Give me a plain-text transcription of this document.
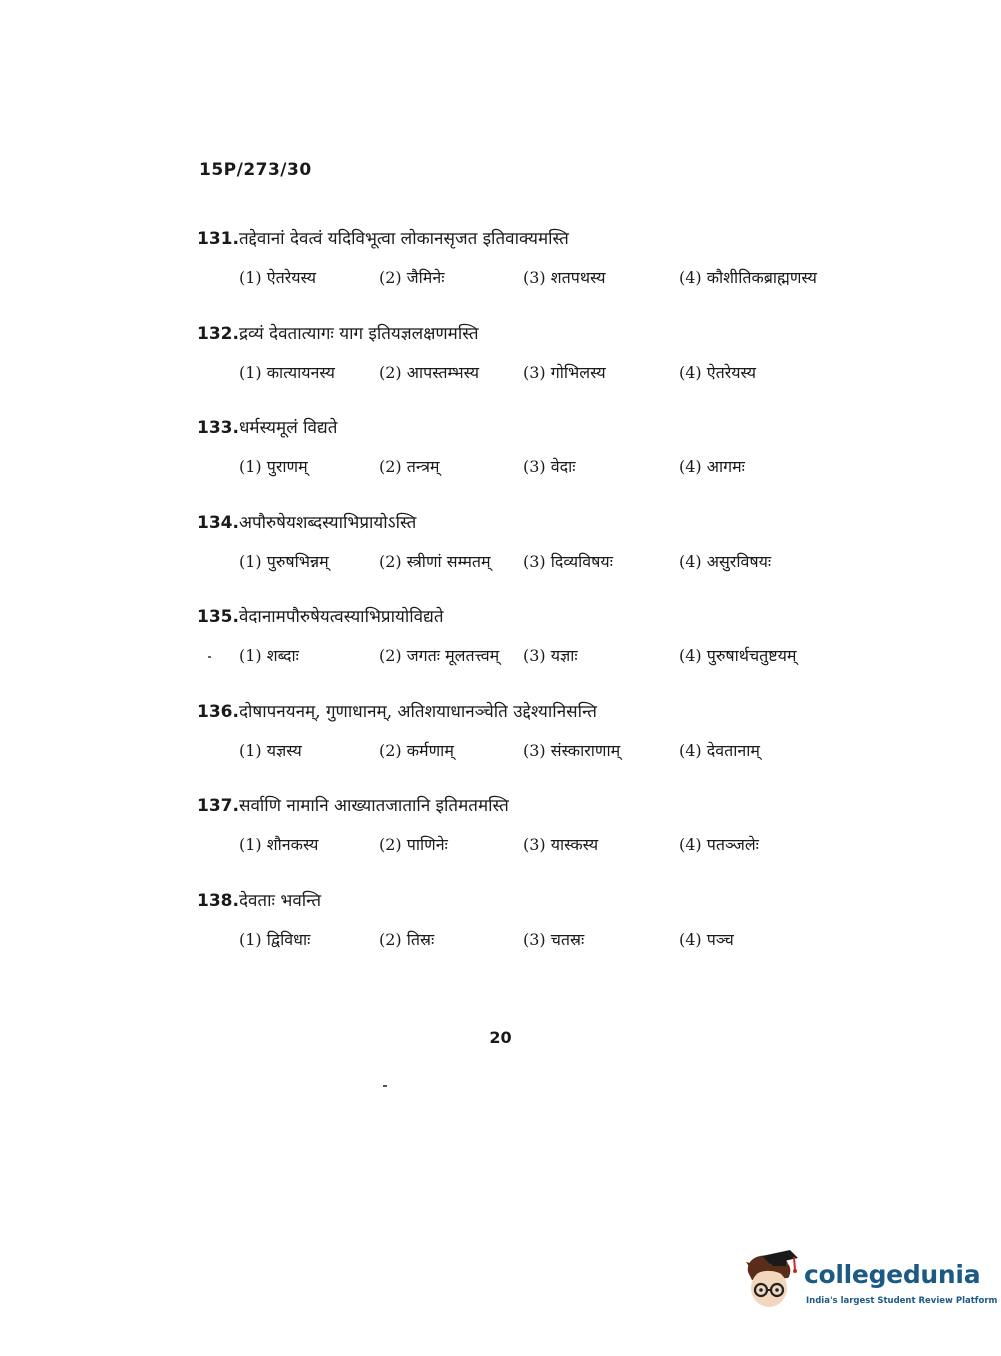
15P/273/30
131.तद्देवानां देवत्वं यदिविभूत्वा लोकानसृजत इतिवाक्यमस्ति
(1) ऐतरेयस्य	(2) जैमिनेः	(3) शतपथस्य	(4) कौशीतिकब्राह्मणस्य
132.द्रव्यं देवतात्यागः याग इतियज्ञलक्षणमस्ति
(1) कात्यायनस्य	(2) आपस्तम्भस्य	(3) गोभिलस्य	(4) ऐतरेयस्य
133.धर्मस्यमूलं विद्यते
(1) पुराणम्	(2) तन्त्रम्	(3) वेदाः	(4) आगमः
134.अपौरुषेयशब्दस्याभिप्रायोऽस्ति
(1) पुरुषभिन्नम्	(2) स्त्रीणां सम्मतम् (3) दिव्यविषयः	(4) असुरविषयः
135.वेदानामपौरुषेयत्वस्याभिप्रायोविद्यते
(1) शब्दाः	(2) जगतः मूलतत्त्वम् (3) यज्ञाः	(4) पुरुषार्थचतुष्टयम्
136.दोषापनयनम्, गुणाधानम्, अतिशयाधानञ्चेति उद्देश्यानिसन्ति
(1) यज्ञस्य	(2) कर्मणाम्	(3) संस्काराणाम्	(4) देवतानाम्
137.सर्वाणि नामानि आख्यातजातानि इतिमतमस्ति
(1) शौनकस्य	(2) पाणिनेः	(3) यास्कस्य	(4) पतञ्जलेः
138.देवताः भवन्ति
(1) द्विविधाः	(2) तिस्रः	(3) चतस्रः	(4) पञ्च
20
collegedunia
India's largest Student Review Platform
